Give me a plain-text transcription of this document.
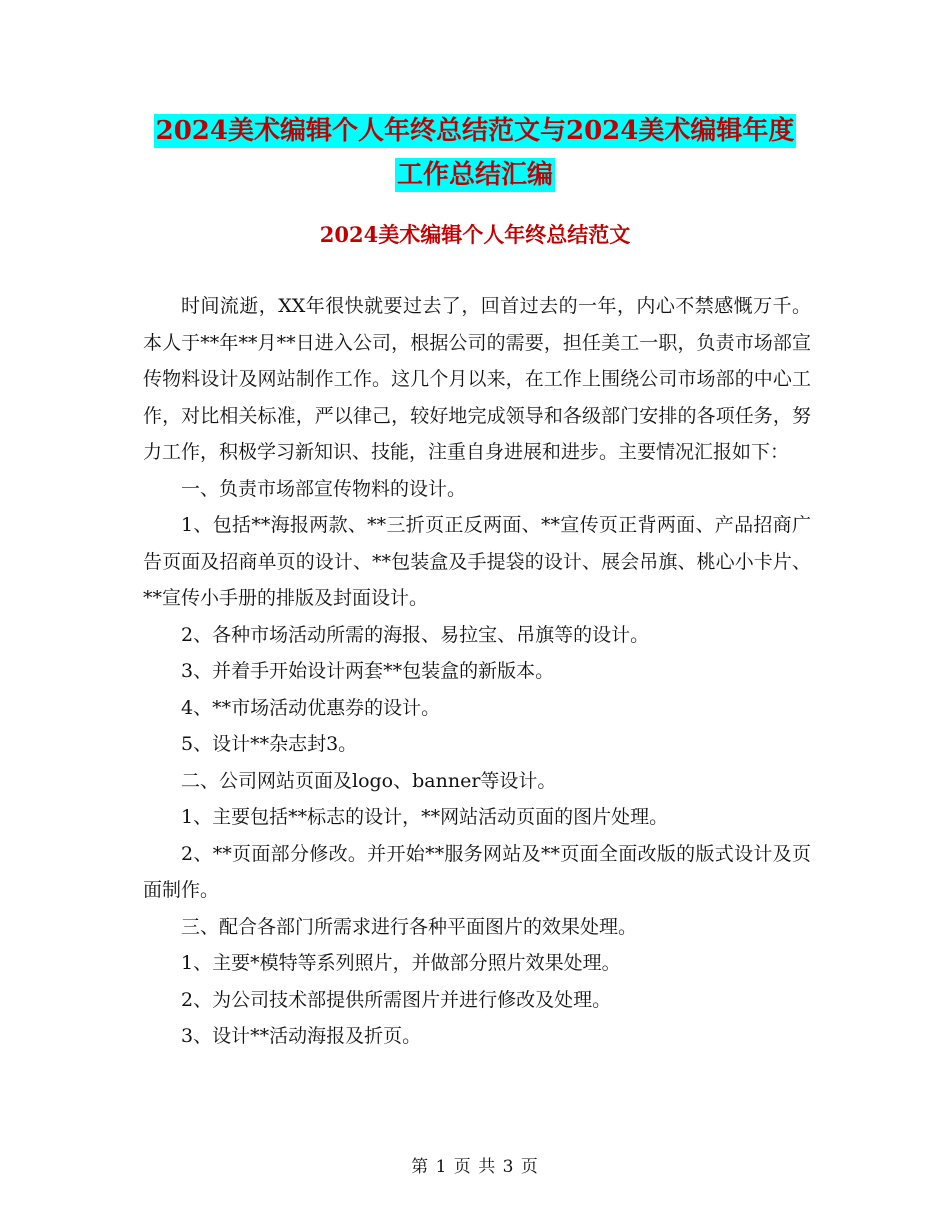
2024美术编辑个人年终总结范文与2024美术编辑年度
工作总结汇编
2024美术编辑个人年终总结范文

时间流逝，XX年很快就要过去了，回首过去的一年，内心不禁感慨万千。本人于**年**月**日进入公司，根据公司的需要，担任美工一职，负责市场部宣传物料设计及网站制作工作。这几个月以来，在工作上围绕公司市场部的中心工作，对比相关标准，严以律己，较好地完成领导和各级部门安排的各项任务，努力工作，积极学习新知识、技能，注重自身进展和进步。主要情况汇报如下：

一、负责市场部宣传物料的设计。

1、包括**海报两款、**三折页正反两面、**宣传页正背两面、产品招商广告页面及招商单页的设计、**包装盒及手提袋的设计、展会吊旗、桃心小卡片、**宣传小手册的排版及封面设计。

2、各种市场活动所需的海报、易拉宝、吊旗等的设计。

3、并着手开始设计两套**包装盒的新版本。

4、**市场活动优惠券的设计。

5、设计**杂志封3。

二、公司网站页面及logo、banner等设计。

1、主要包括**标志的设计，**网站活动页面的图片处理。

2、**页面部分修改。并开始**服务网站及**页面全面改版的版式设计及页面制作。

三、配合各部门所需求进行各种平面图片的效果处理。

1、主要*模特等系列照片，并做部分照片效果处理。

2、为公司技术部提供所需图片并进行修改及处理。

3、设计**活动海报及折页。

第 1 页 共 3 页
